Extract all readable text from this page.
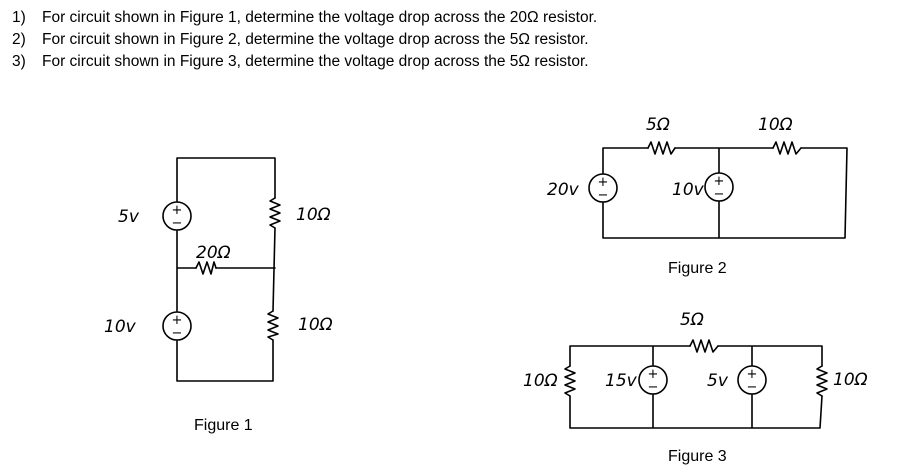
1) For circuit shown in Figure 1, determine the voltage drop across the 20Ω resistor.
2) For circuit shown in Figure 2, determine the voltage drop across the 5Ω resistor.
3) For circuit shown in Figure 3, determine the voltage drop across the 5Ω resistor.
+
−
+
−
5v
10v
20Ω
10Ω
10Ω
Figure 1
+
−
+
−
20v	10v
5Ω	10Ω
Figure 2
+
−
+
−
5Ω
10Ω	15v	5v	10Ω
Figure 3
